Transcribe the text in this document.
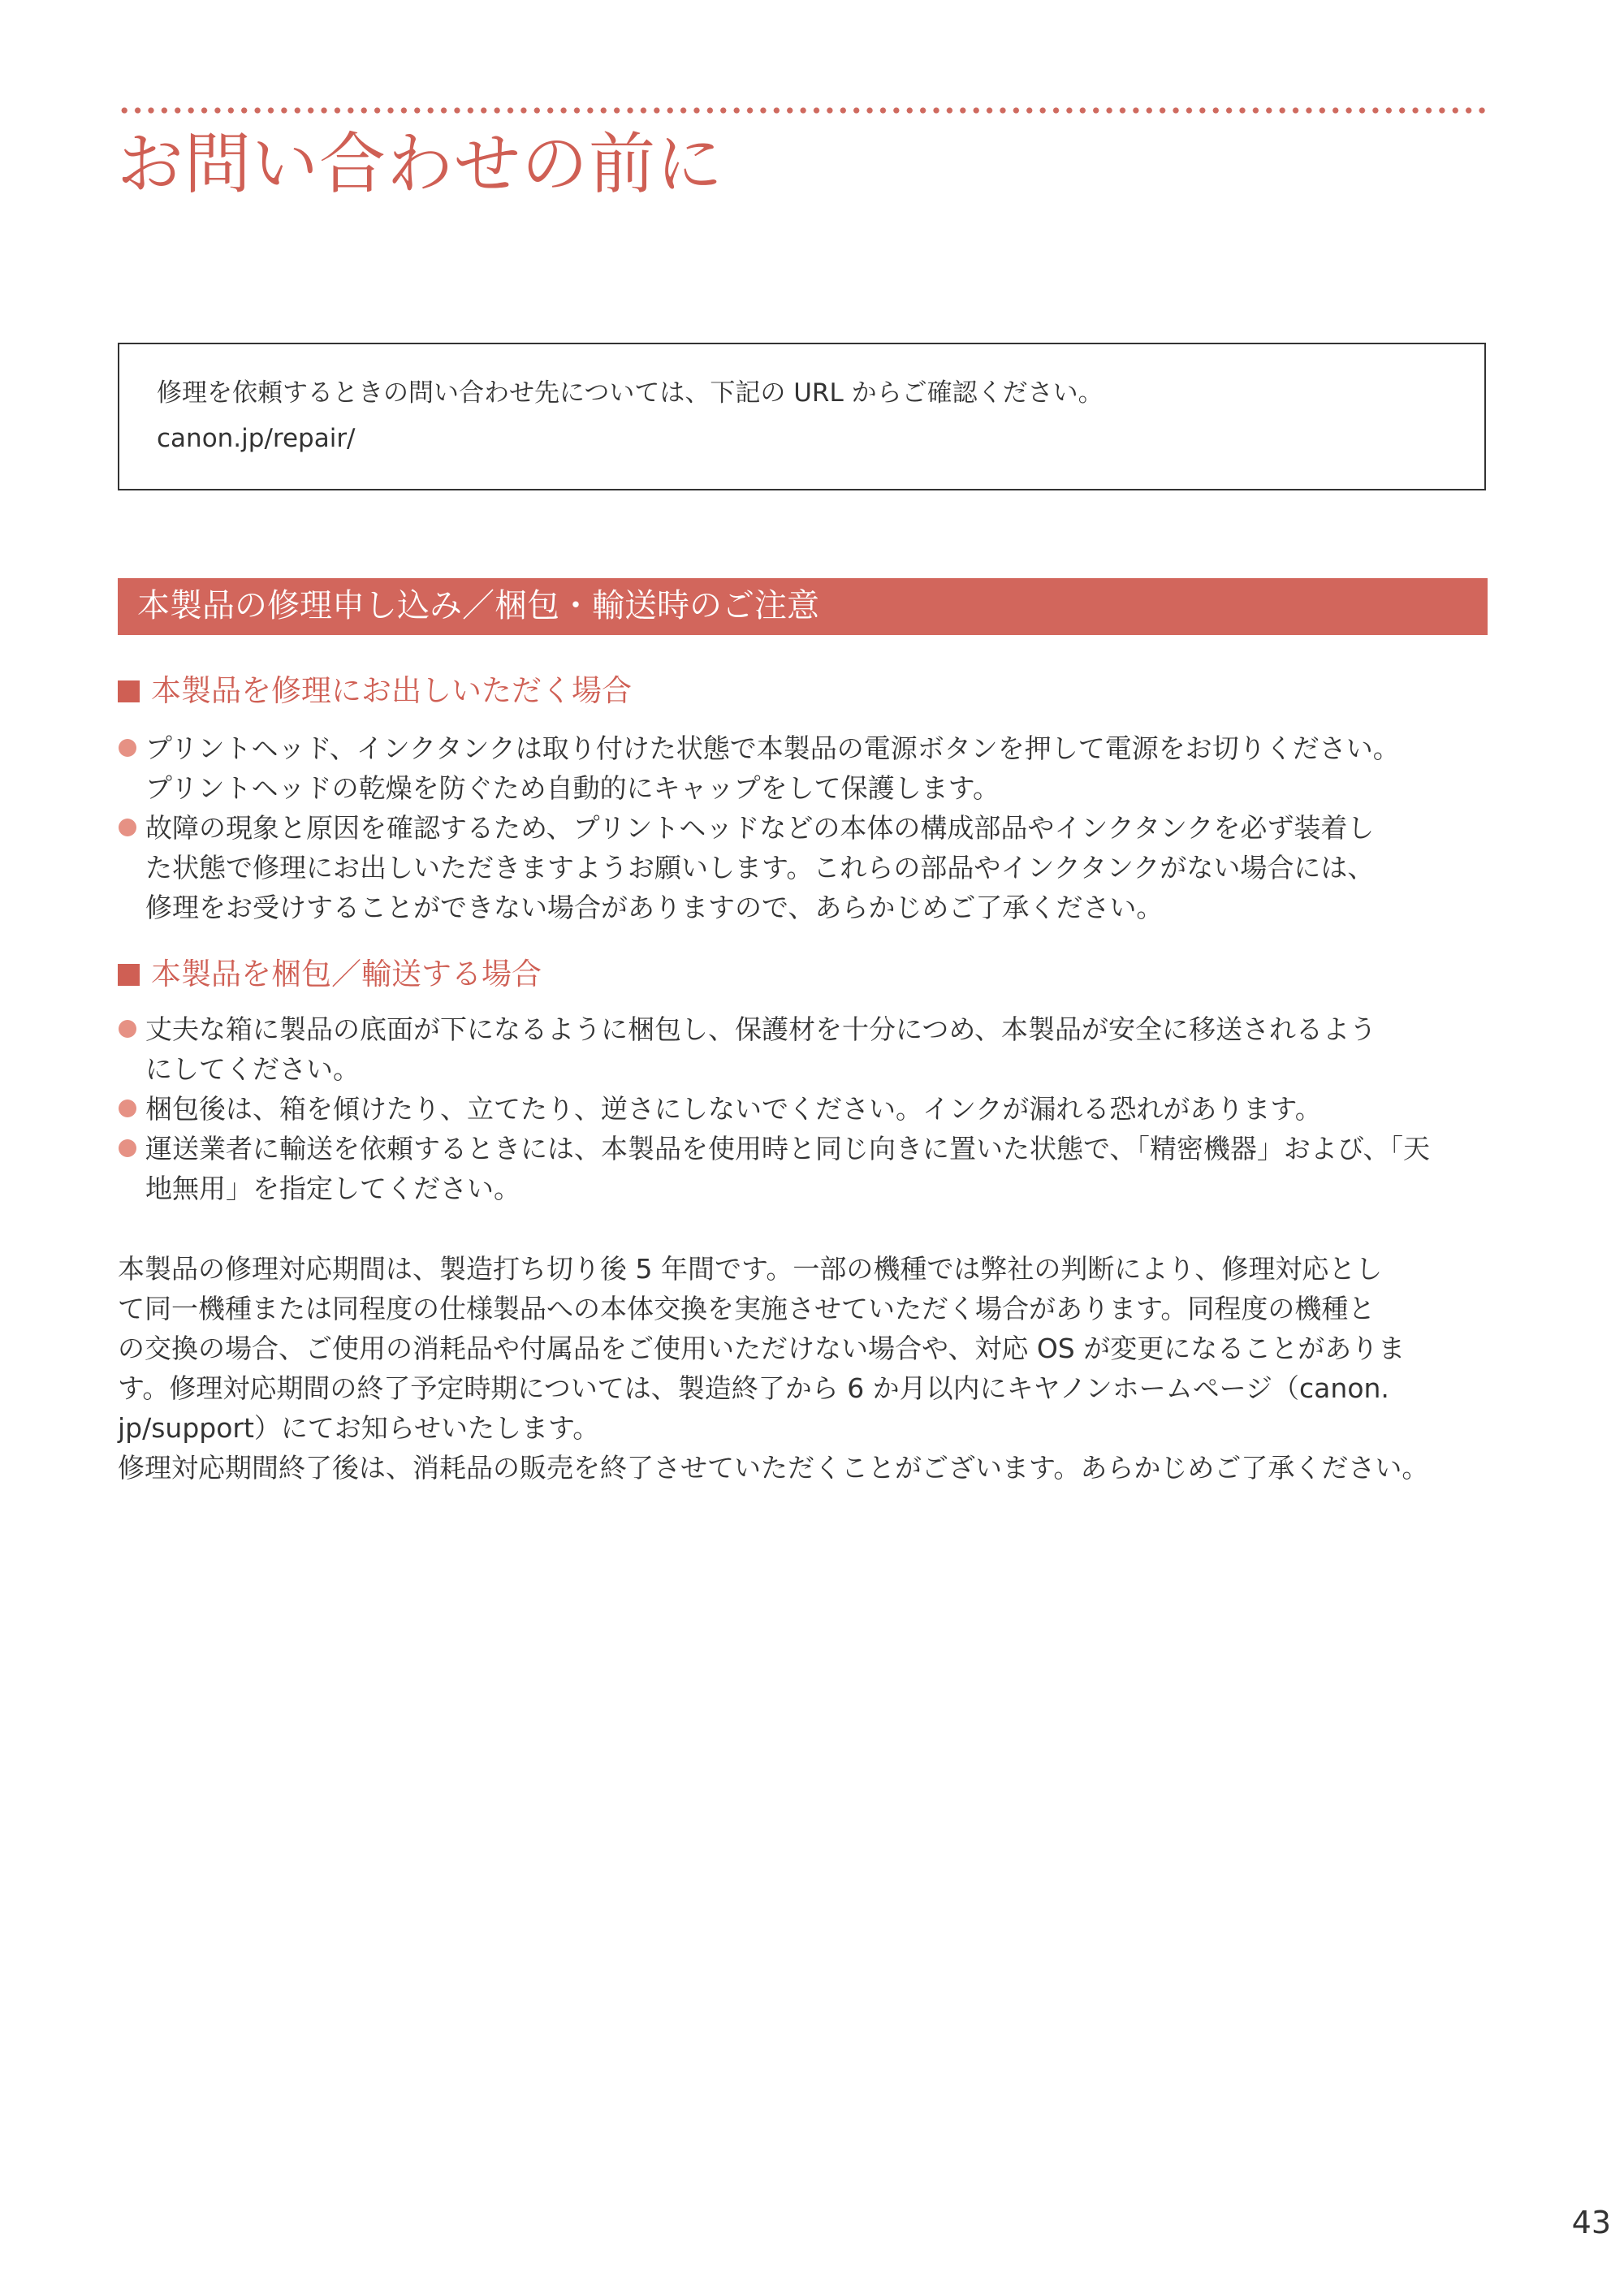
お問い合わせの前に
修理を依頼するときの問い合わせ先については、下記の URL からご確認ください。
canon.jp/repair/
本製品の修理申し込み／梱包・輸送時のご注意
本製品を修理にお出しいただく場合
プリントヘッド、インクタンクは取り付けた状態で本製品の電源ボタンを押して電源をお切りください。
プリントヘッドの乾燥を防ぐため自動的にキャップをして保護します。
故障の現象と原因を確認するため、プリントヘッドなどの本体の構成部品やインクタンクを必ず装着し
た状態で修理にお出しいただきますようお願いします。これらの部品やインクタンクがない場合には、
修理をお受けすることができない場合がありますので、あらかじめご了承ください。
本製品を梱包／輸送する場合
丈夫な箱に製品の底面が下になるように梱包し、保護材を十分につめ、本製品が安全に移送されるよう
にしてください。
梱包後は、箱を傾けたり、立てたり、逆さにしないでください。インクが漏れる恐れがあります。
運送業者に輸送を依頼するときには、本製品を使用時と同じ向きに置いた状態で、「精密機器」および、「天
地無用」を指定してください。
本製品の修理対応期間は、製造打ち切り後 5 年間です。一部の機種では弊社の判断により、修理対応とし
て同一機種または同程度の仕様製品への本体交換を実施させていただく場合があります。同程度の機種と
の交換の場合、ご使用の消耗品や付属品をご使用いただけない場合や、対応 OS が変更になることがありま
す。修理対応期間の終了予定時期については、製造終了から 6 か月以内にキヤノンホームページ（canon.
jp/support）にてお知らせいたします。
修理対応期間終了後は、消耗品の販売を終了させていただくことがございます。あらかじめご了承ください。
43
